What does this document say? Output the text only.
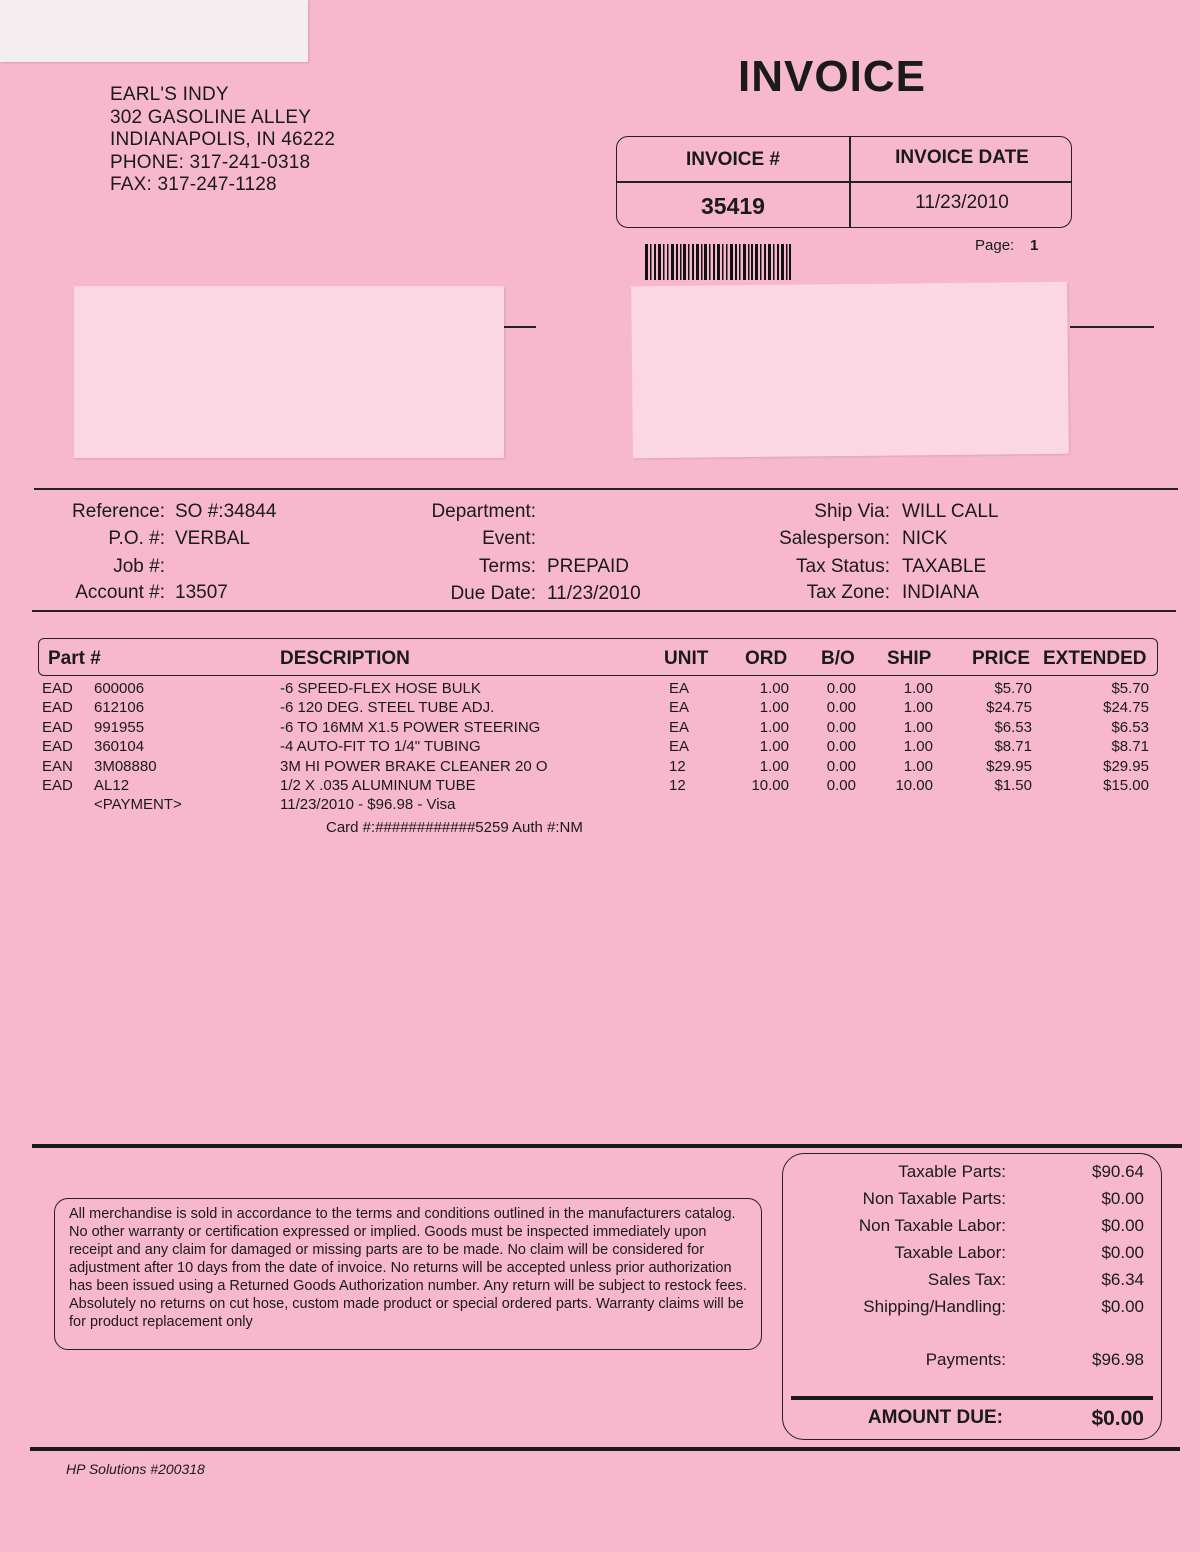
EARL'S INDY
302 GASOLINE ALLEY
INDIANAPOLIS, IN 46222
PHONE: 317-241-0318
FAX: 317-247-1128
INVOICE
INVOICE #	INVOICE DATE
35419	11/23/2010
Page: 1
Reference: SO #:34844
P.O. #: VERBAL
Job #:
Account #: 13507
Department:
Event:
Terms: PREPAID
Due Date: 11/23/2010
Ship Via: WILL CALL
Salesperson: NICK
Tax Status: TAXABLE
Tax Zone: INDIANA
Part #	DESCRIPTION	UNIT ORD B/O SHIP PRICE EXTENDED
EAD 600006	-6 SPEED-FLEX HOSE BULK	EA	1.00	0.00	1.00	$5.70	$5.70
EAD 612106	-6 120 DEG. STEEL TUBE ADJ.	EA	1.00	0.00	1.00	$24.75	$24.75
EAD 991955	-6 TO 16MM X1.5 POWER STEERING	EA	1.00	0.00	1.00	$6.53	$6.53
EAD 360104	-4 AUTO-FIT TO 1/4" TUBING	EA	1.00	0.00	1.00	$8.71	$8.71
EAN 3M08880	3M HI POWER BRAKE CLEANER 20 O	12	1.00	0.00	1.00	$29.95	$29.95
EAD AL12	1/2 X .035 ALUMINUM TUBE	12	10.00	0.00	10.00	$1.50	$15.00
<PAYMENT>	11/23/2010 - $96.98 - Visa
Card #:############5259 Auth #:NM
All merchandise is sold in accordance to the terms and conditions outlined in the manufacturers catalog. No other warranty or certification expressed or implied. Goods must be inspected immediately upon receipt and any claim for damaged or missing parts are to be made. No claim will be considered for adjustment after 10 days from the date of invoice. No returns will be accepted unless prior authorization has been issued using a Returned Goods Authorization number. Any return will be subject to restock fees. Absolutely no returns on cut hose, custom made product or special ordered parts. Warranty claims will be for product replacement only
Taxable Parts:	$90.64
Non Taxable Parts:	$0.00
Non Taxable Labor:	$0.00
Taxable Labor:	$0.00
Sales Tax:	$6.34
Shipping/Handling:	$0.00
Payments:	$96.98
AMOUNT DUE:	$0.00
HP Solutions #200318
